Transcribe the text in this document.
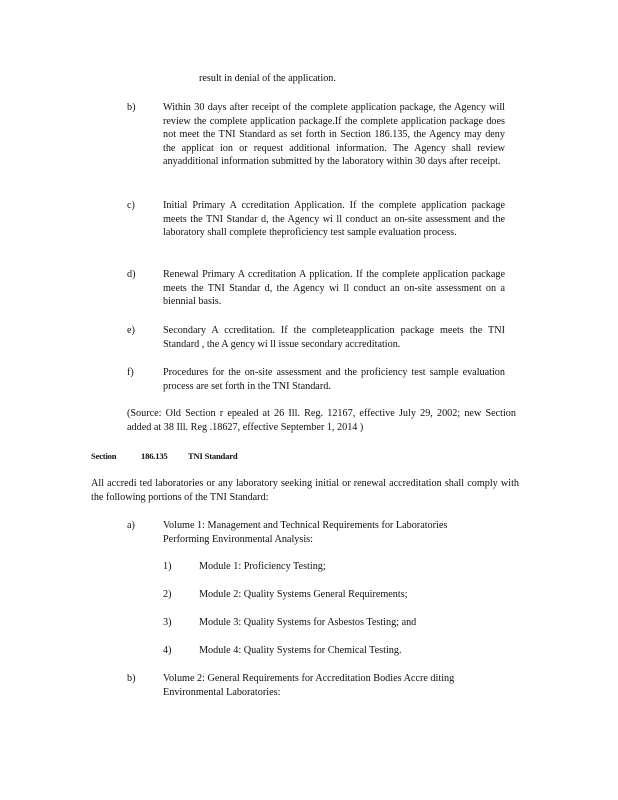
result in denial of the application.

b)	Within 30 days after receipt of the complete application package, the Agency will review the complete application package.If the complete application package does not meet the TNI Standard as set forth in Section 186.135, the Agency may deny the applicat ion or request additional information. The Agency shall review anyadditional information submitted by the laboratory within 30 days after receipt.

c)	Initial Primary A ccreditation Application. If the complete application package meets the TNI Standar d, the Agency wi ll conduct an on-site assessment and the laboratory shall complete theproficiency test sample evaluation process.

d)	Renewal Primary A ccreditation A pplication. If the complete application package meets the TNI Standar d, the Agency wi ll conduct an on-site assessment on a biennial basis.

e)	Secondary A ccreditation. If the completeapplication package meets the TNI Standard , the A gency wi ll issue secondary accreditation.

f)	Procedures for the on-site assessment and the proficiency test sample evaluation process are set forth in the TNI Standard.

(Source: Old Section r epealed at 26 Ill. Reg. 12167, effective July 29, 2002; new Section added at 38 Ill. Reg .18627, effective September 1, 2014 )

Section	186.135 TNI Standard

All accredi ted laboratories or any laboratory seeking initial or renewal accreditation shall comply with the following portions of the TNI Standard:

a)	Volume 1: Management and Technical Requirements for Laboratories Performing Environmental Analysis:

1)	Module 1: Proficiency Testing;

2)	Module 2: Quality Systems General Requirements;

3)	Module 3: Quality Systems for Asbestos Testing; and

4)	Module 4: Quality Systems for Chemical Testing.

b)	Volume 2: General Requirements for Accreditation Bodies Accre diting Environmental Laboratories:
